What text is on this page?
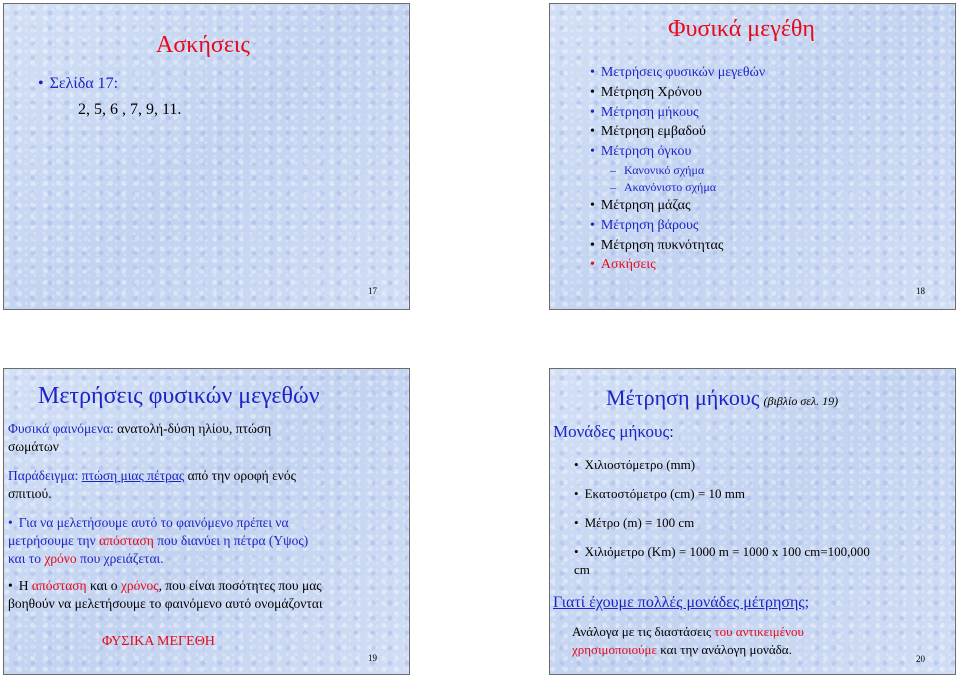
Ασκήσεις
• Σελίδα 17:
2, 5, 6 , 7, 9, 11.
17
Φυσικά μεγέθη
• Μετρήσεις φυσικών μεγεθών
• Μέτρηση Χρόνου
• Μέτρηση μήκους
• Μέτρηση εμβαδού
• Μέτρηση όγκου
– Κανονικό σχήμα
– Ακανόνιστο σχήμα
• Μέτρηση μάζας
• Μέτρηση βάρους
• Μέτρηση πυκνότητας
• Ασκήσεις
18
Μετρήσεις φυσικών μεγεθών
Φυσικά φαινόμενα: ανατολή-δύση ηλίου, πτώση
σωμάτων
Παράδειγμα: πτώση μιας πέτρας από την οροφή ενός
σπιτιού.
• Για να μελετήσουμε αυτό το φαινόμενο πρέπει να
μετρήσουμε την απόσταση που διανύει η πέτρα (Υψος)
και το χρόνο που χρειάζεται.
• Η απόσταση και ο χρόνος, που είναι ποσότητες που μας
βοηθούν να μελετήσουμε το φαινόμενο αυτό ονομάζονται
ΦΥΣΙΚΑ ΜΕΓΕΘΗ
19
Μέτρηση μήκους (βιβλίο σελ. 19)
Μονάδες μήκους:
• Χιλιοστόμετρο (mm)
• Εκατοστόμετρο (cm) = 10 mm
• Μέτρο (m) = 100 cm
• Χιλιόμετρο (Km) = 1000 m = 1000 x 100 cm=100,000
cm
Γιατί έχουμε πολλές μονάδες μέτρησης;
Ανάλογα με τις διαστάσεις του αντικειμένου
χρησιμοποιούμε και την ανάλογη μονάδα.
20
